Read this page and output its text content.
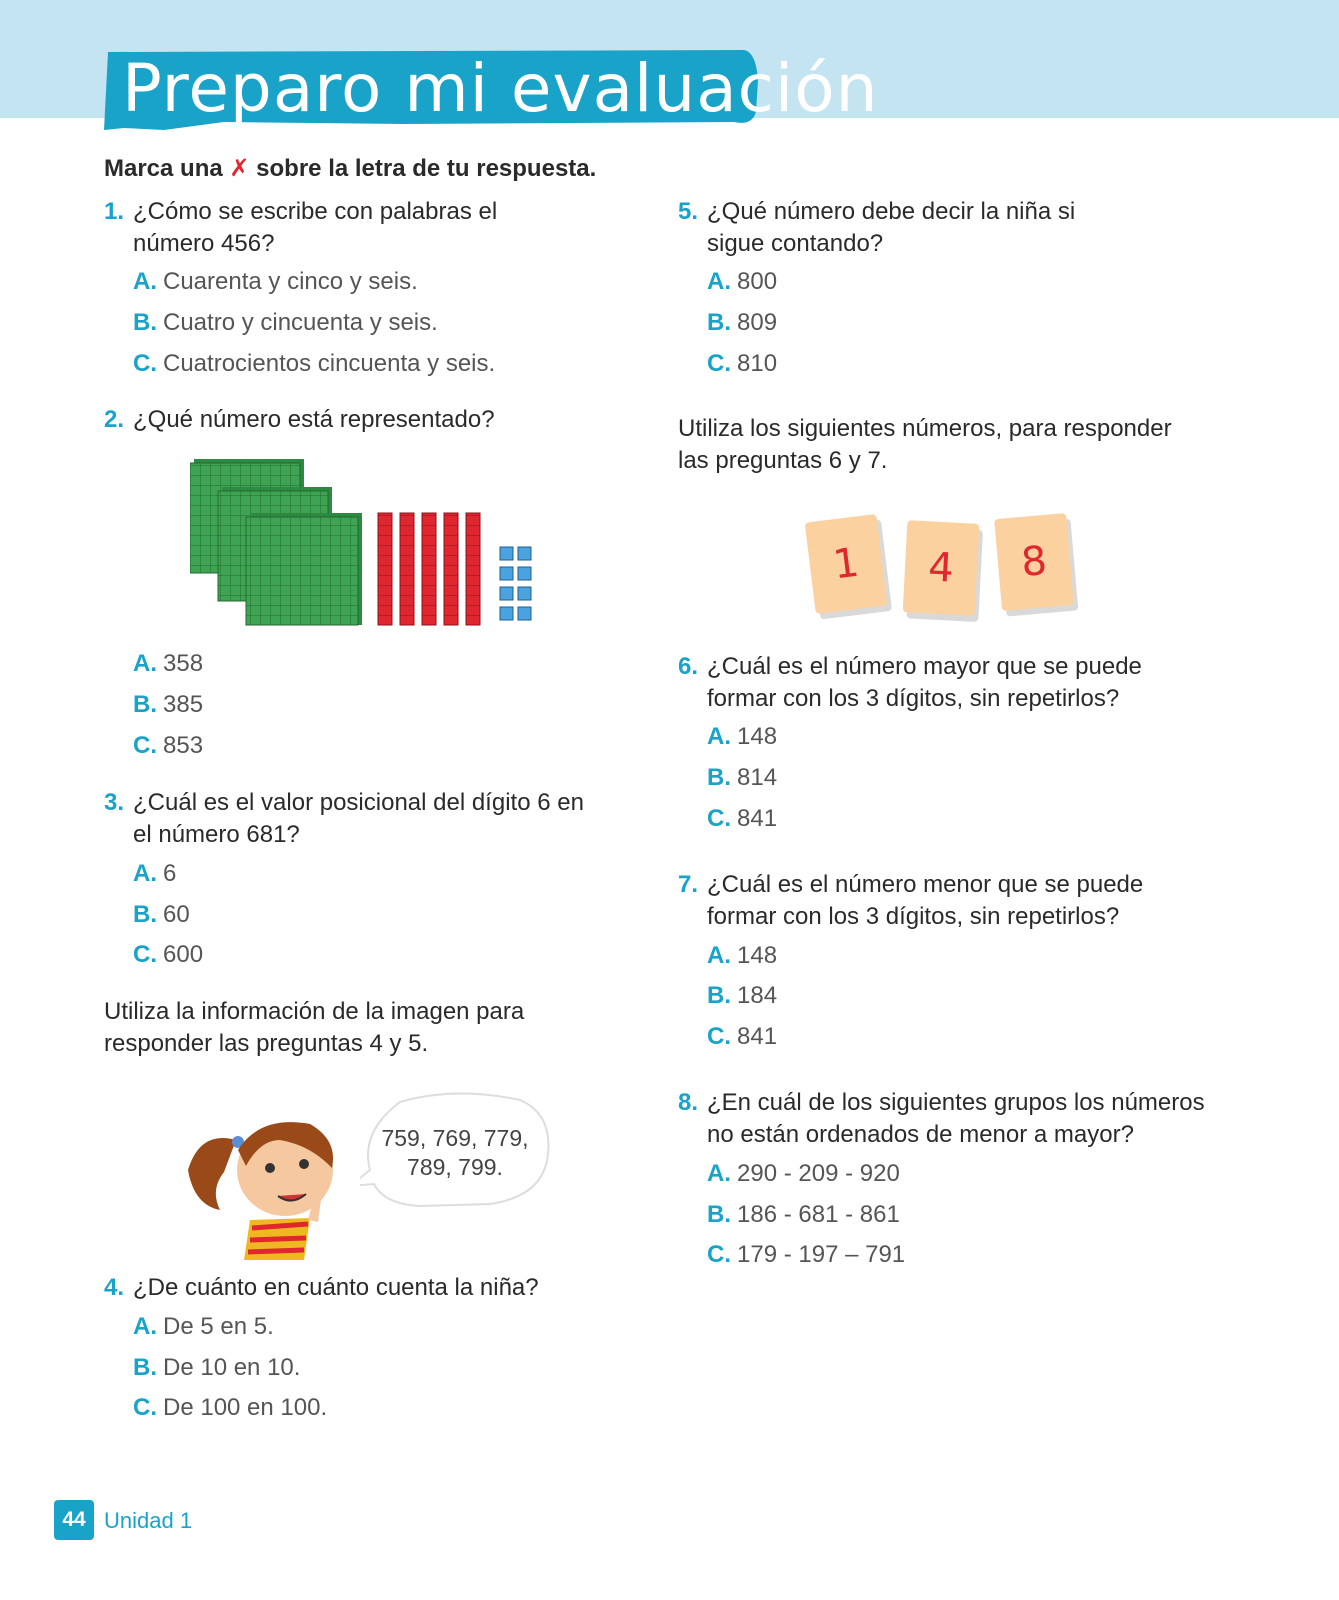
Preparo mi evaluación
Marca una ✗ sobre la letra de tu respuesta.
1. ¿Cómo se escribe con palabras el
número 456?
A. Cuarenta y cinco y seis.
B. Cuatro y cincuenta y seis.
C. Cuatrocientos cincuenta y seis.
2. ¿Qué número está representado?
A. 358
B. 385
C. 853
3. ¿Cuál es el valor posicional del dígito 6 en
el número 681?
A. 6
B. 60
C. 600
Utiliza la información de la imagen para
responder las preguntas 4 y 5.
759, 769, 779,
789, 799.
4. ¿De cuánto en cuánto cuenta la niña?
A. De 5 en 5.
B. De 10 en 10.
C. De 100 en 100.
5. ¿Qué número debe decir la niña si
sigue contando?
A. 800
B. 809
C. 810
Utiliza los siguientes números, para responder
las preguntas 6 y 7.
1	4	8
6. ¿Cuál es el número mayor que se puede
formar con los 3 dígitos, sin repetirlos?
A. 148
B. 814
C. 841
7. ¿Cuál es el número menor que se puede
formar con los 3 dígitos, sin repetirlos?
A. 148
B. 184
C. 841
8. ¿En cuál de los siguientes grupos los números
no están ordenados de menor a mayor?
A. 290 - 209 - 920
B. 186 - 681 - 861
C. 179 - 197 – 791
44 Unidad 1
